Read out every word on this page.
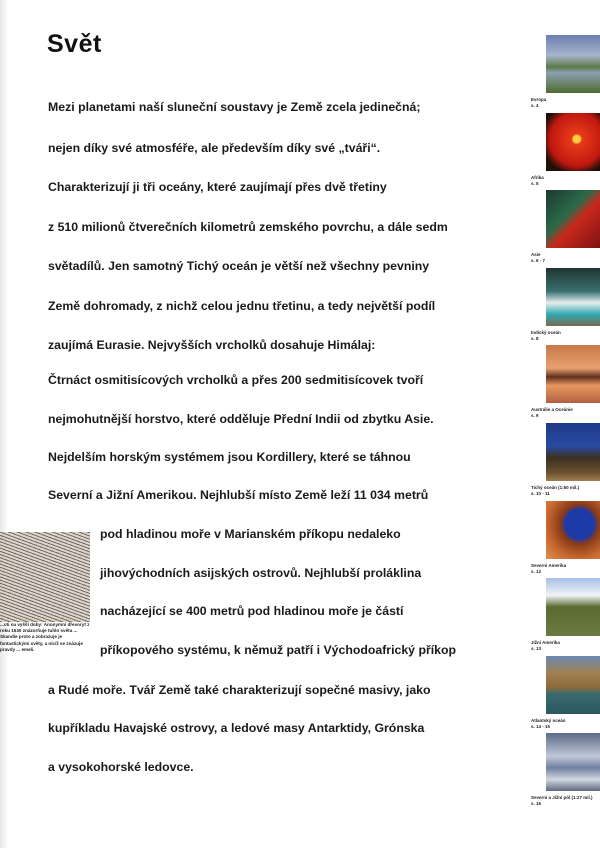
Svět
Mezi planetami naší sluneční soustavy je Země zcela jedinečná;
nejen díky své atmosféře, ale především díky své „tváři“.
Charakterizují ji tři oceány, které zaujímají přes dvě třetiny
z 510 milionů čtverečních kilometrů zemského povrchu, a dále sedm
světadílů. Jen samotný Tichý oceán je větší než všechny pevniny
Země dohromady, z nichž celou jednu třetinu, a tedy největší podíl
zaujímá Eurasie. Nejvyšších vrcholků dosahuje Himálaj:
Čtrnáct osmitisícových vrcholků a přes 200 sedmitisícovek tvoří
nejmohutnější horstvo, které odděluje Přední Indii od zbytku Asie.
Nejdelším horským systémem jsou Kordillery, které se táhnou
Severní a Jižní Amerikou. Nejhlubší místo Země leží 11 034 metrů
pod hladinou moře v Marianském příkopu nedaleko
jihovýchodních asijských ostrovů. Nejhlubší proláklina
nacházející se 400 metrů pod hladinou moře je částí
příkopového systému, k němuž patří i Východoafrický příkop
a Rudé moře. Tvář Země také charakterizují sopečné masivy, jako
kupříkladu Havajské ostrovy, a ledové masy Antarktidy, Grónska
a vysokohorské ledovce.
...oti na vyšší doby: Anonymní dřevoryt z roku 1530 znázorňuje tuhlo světa ... Skandie proto a zobrazuje je fantastickými světy, a nícíž se znázuje pravdy ... emeli.
Evropa
s. 4
Afrika
s. 5
Asie
s. 6 - 7
Indický oceán
s. 8
Austrálie a Oceánie
s. 9
Tichý oceán (1:50 mil.)
s. 10 - 11
Severní Amerika
s. 12
Jižní Amerika
s. 13
Atlantský oceán
s. 14 - 15
Severní a Jižní pól (1:27 mil.)
s. 16
